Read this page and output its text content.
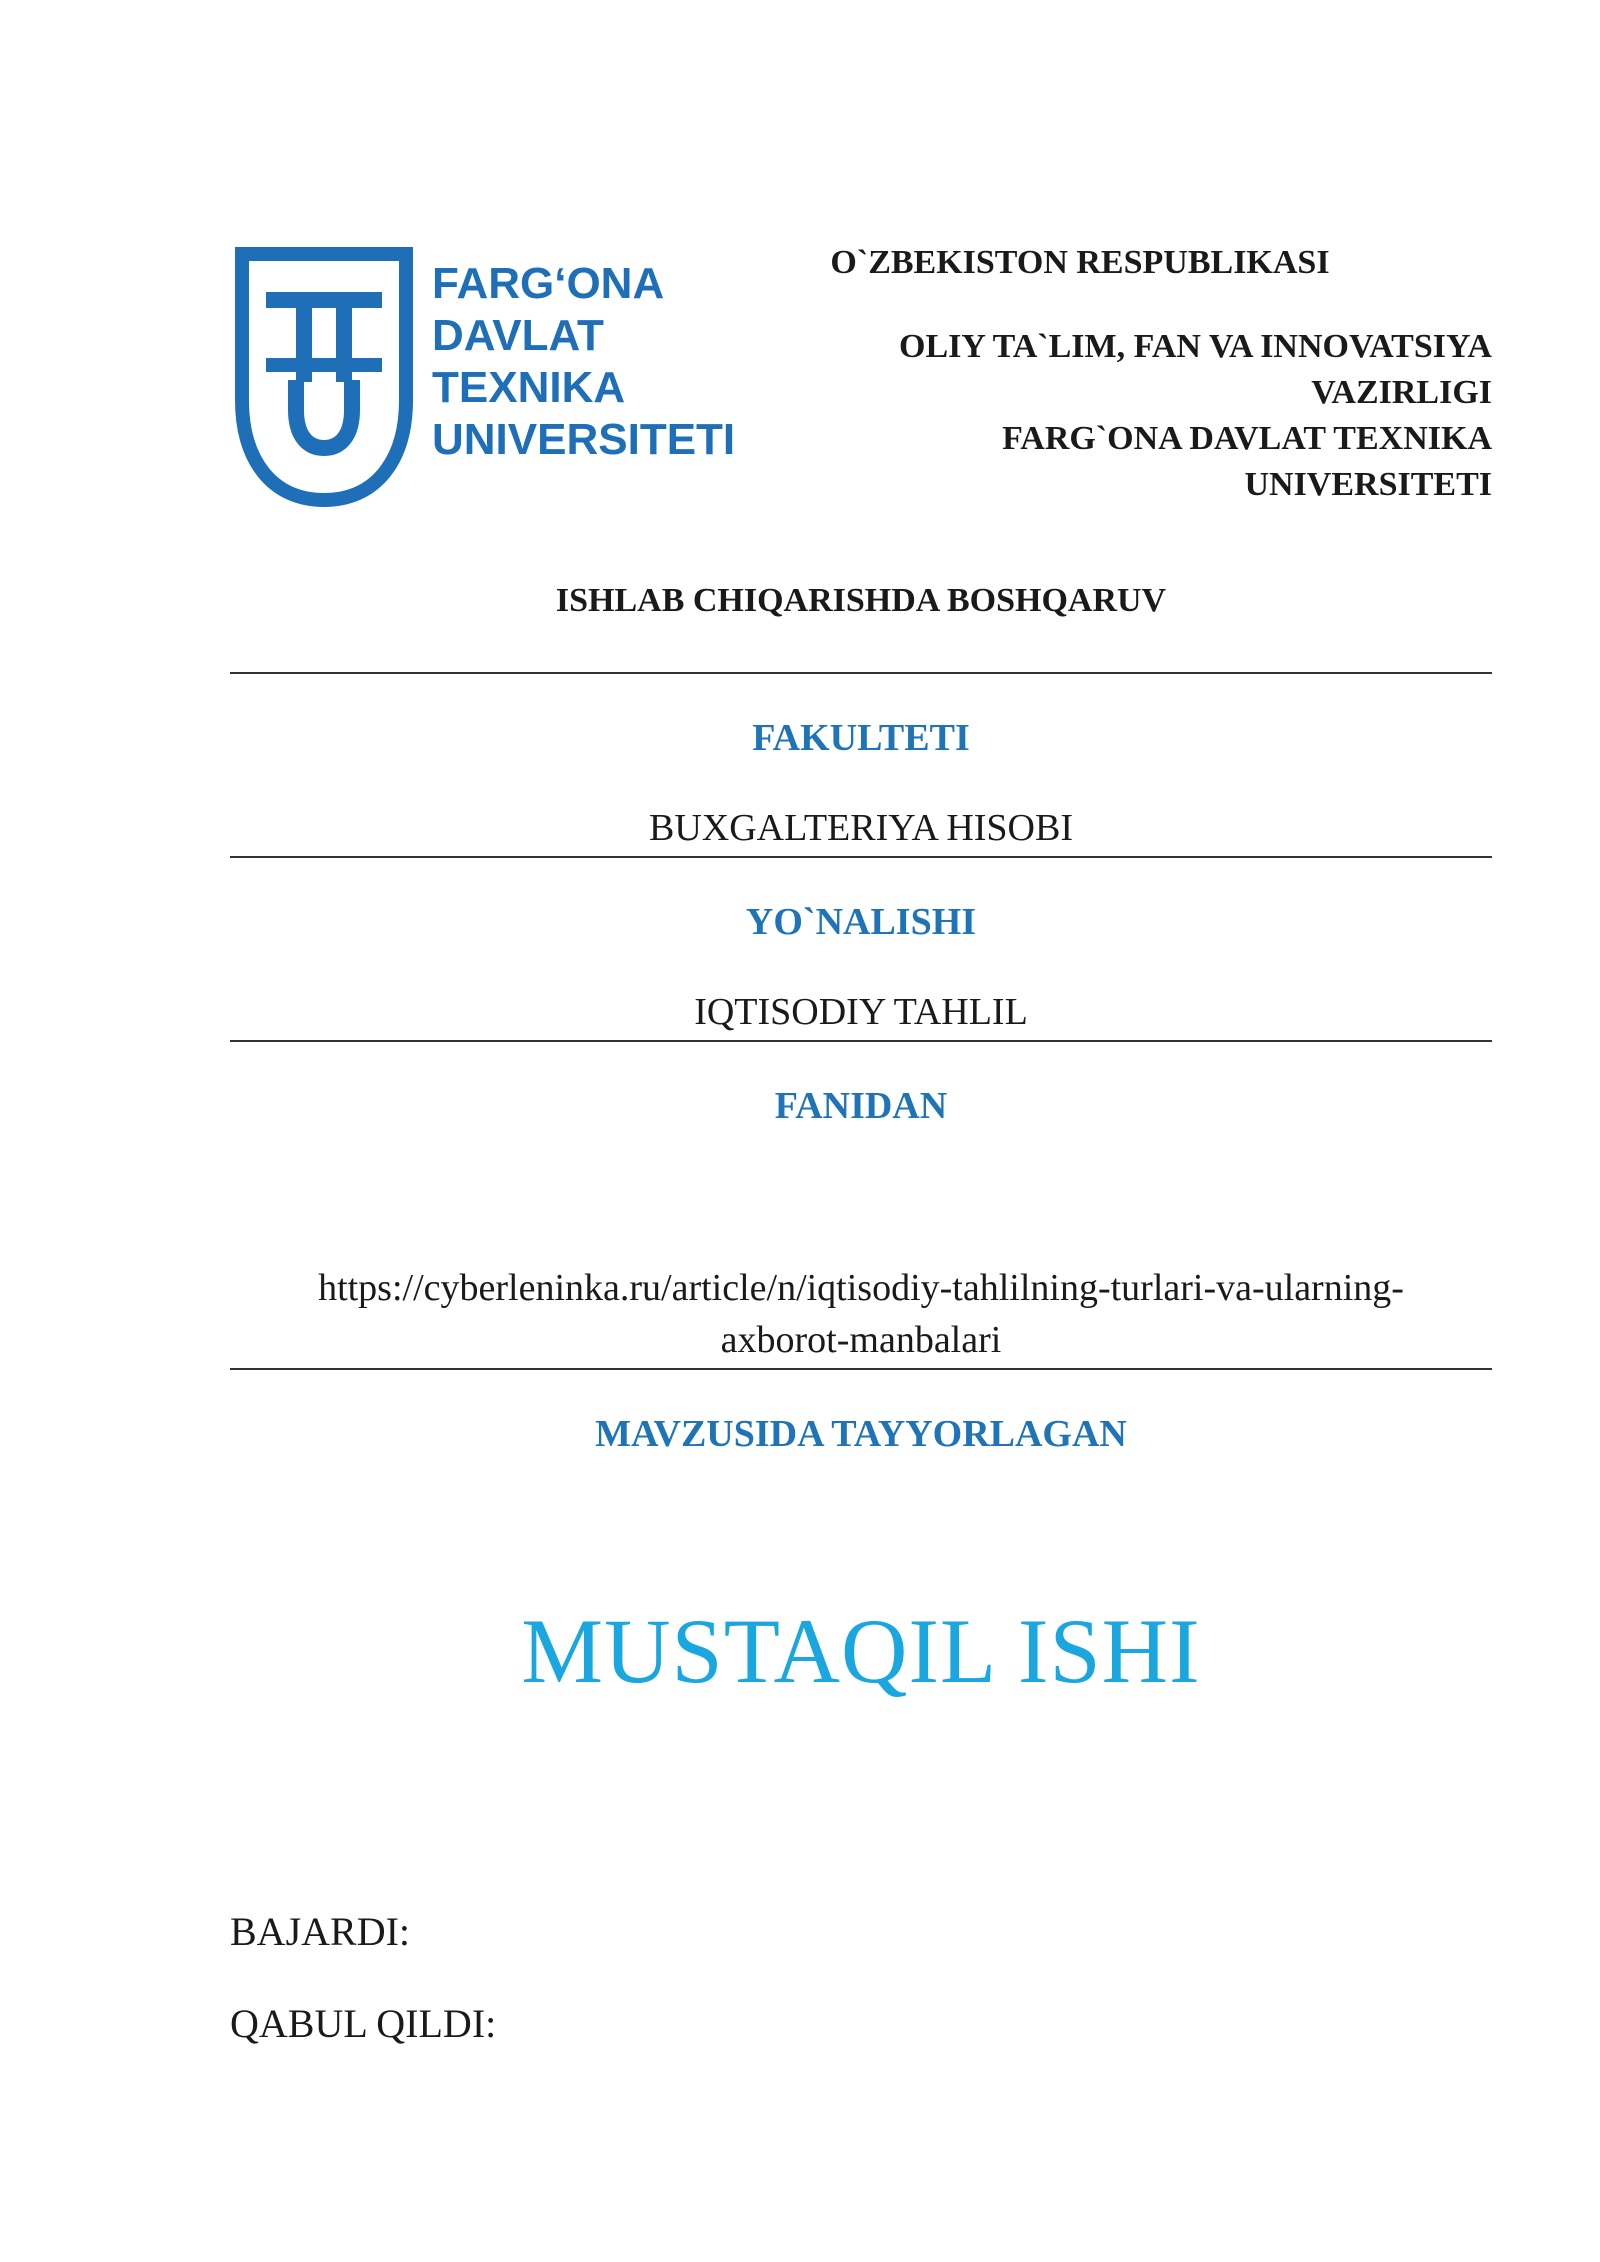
FARG‘ONA
DAVLAT
TEXNIKA
UNIVERSITETI
O`ZBEKISTON RESPUBLIKASI
OLIY TA`LIM, FAN VA INNOVATSIYA
VAZIRLIGI
FARG`ONA DAVLAT TEXNIKA
UNIVERSITETI
ISHLAB CHIQARISHDA BOSHQARUV
FAKULTETI
BUXGALTERIYA HISOBI
YO`NALISHI
IQTISODIY TAHLIL
FANIDAN
https://cyberleninka.ru/article/n/iqtisodiy-tahlilning-turlari-va-ularning-
axborot-manbalari
MAVZUSIDA TAYYORLAGAN
MUSTAQIL ISHI
BAJARDI:
QABUL QILDI:
